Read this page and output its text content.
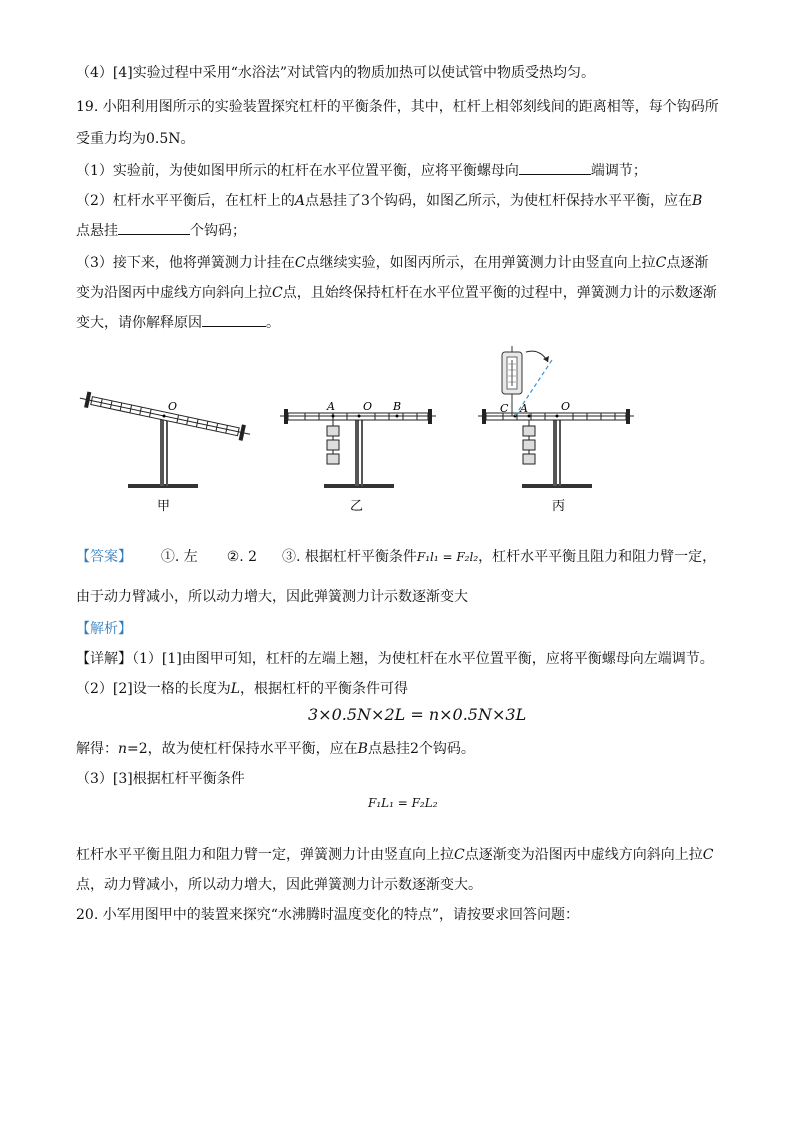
（4）[4]实验过程中采用“水浴法”对试管内的物质加热可以使试管中物质受热均匀。
19. 小阳利用图所示的实验装置探究杠杆的平衡条件，其中，杠杆上相邻刻线间的距离相等，每个钩码所
受重力均为0.5N。
（1）实验前，为使如图甲所示的杠杆在水平位置平衡，应将平衡螺母向	端调节；
（2）杠杆水平平衡后，在杠杆上的A点悬挂了3个钩码，如图乙所示，为使杠杆保持水平平衡，应在B
点悬挂	个钩码；
（3）接下来，他将弹簧测力计挂在C点继续实验，如图丙所示，在用弹簧测力计由竖直向上拉C点逐渐
变为沿图丙中虚线方向斜向上拉C点，且始终保持杠杆在水平位置平衡的过程中，弹簧测力计的示数逐渐
变大，请你解释原因	。
O
甲
A	O B
乙
C A	O
丙
【答案】 ①. 左 ②. 2 ③. 根据杠杆平衡条件F₁l₁ = F₂l₂，杠杆水平平衡且阻力和阻力臂一定，
由于动力臂减小，所以动力增大，因此弹簧测力计示数逐渐变大
【解析】
【详解】（1）[1]由图甲可知，杠杆的左端上翘，为使杠杆在水平位置平衡，应将平衡螺母向左端调节。
（2）[2]设一格的长度为L，根据杠杆的平衡条件可得
3×0.5N×2L = n×0.5N×3L
解得：n=2，故为使杠杆保持水平平衡，应在B点悬挂2个钩码。
（3）[3]根据杠杆平衡条件
F₁L₁ = F₂L₂
杠杆水平平衡且阻力和阻力臂一定，弹簧测力计由竖直向上拉C点逐渐变为沿图丙中虚线方向斜向上拉C
点，动力臂减小，所以动力增大，因此弹簧测力计示数逐渐变大。
20. 小军用图甲中的装置来探究“水沸腾时温度变化的特点”，请按要求回答问题：
